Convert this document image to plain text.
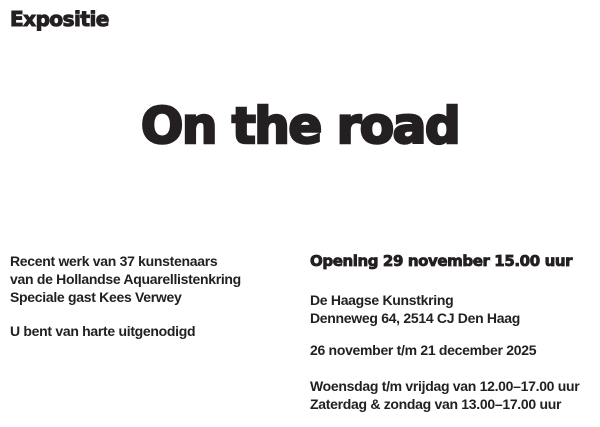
Expositie
On the road

Recent werk van 37 kunstenaars

van de Hollandse Aquarellistenkring

Speciale gast Kees Verwey

U bent van harte uitgenodigd

Opening 29 november 15.00 uur

De Haagse Kunstkring

Denneweg 64, 2514 CJ Den Haag

26 november t/m 21 december 2025

Woensdag t/m vrijdag van 12.00–17.00 uur

Zaterdag & zondag van 13.00–17.00 uur
